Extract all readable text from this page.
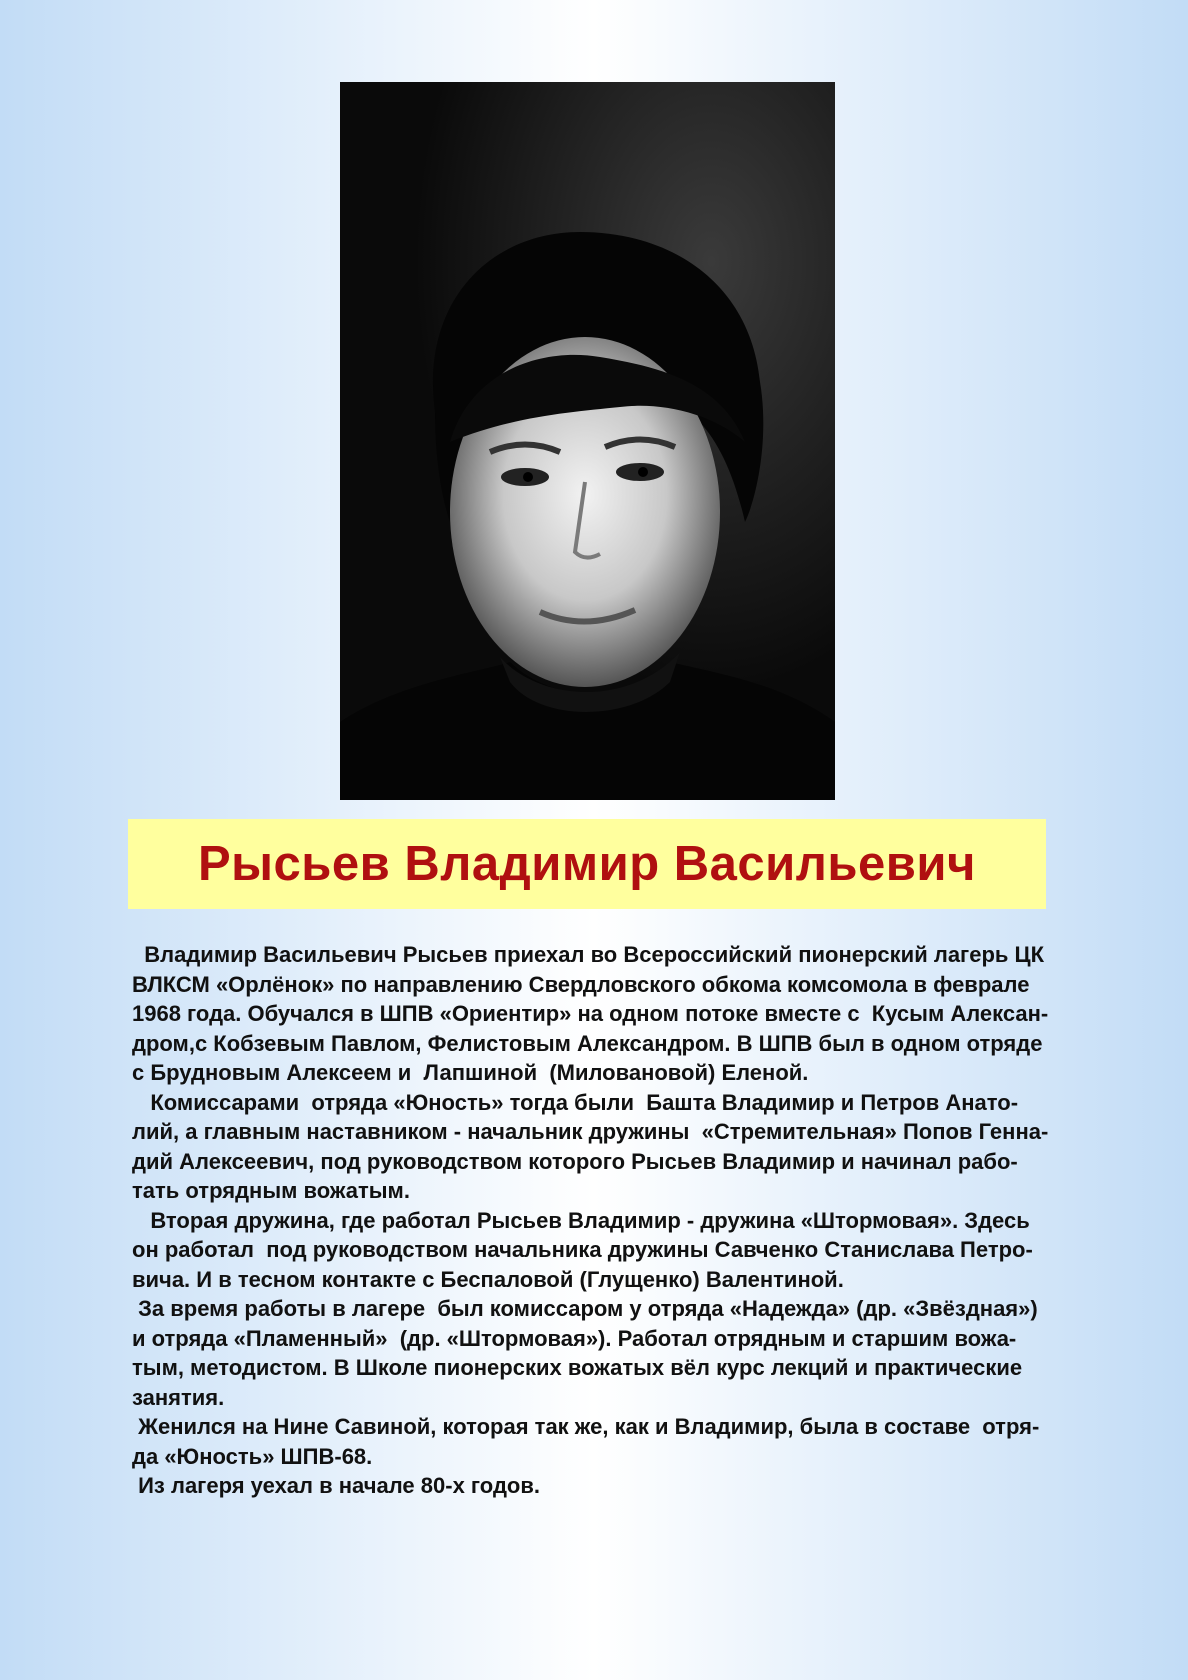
Рысьев Владимир Васильевич

Владимир Васильевич Рысьев приехал во Всероссийский пионерский лагерь ЦК

ВЛКСМ «Орлёнок» по направлению Свердловского обкома комсомола в феврале

1968 года. Обучался в ШПВ «Ориентир» на одном потоке вместе с  Кусым Алексан-

дром,с Кобзевым Павлом, Фелистовым Александром. В ШПВ был в одном отряде

с Брудновым Алексеем и  Лапшиной  (Миловановой) Еленой.

Комиссарами  отряда «Юность» тогда были  Башта Владимир и Петров Анато-

лий, а главным наставником - начальник дружины  «Стремительная» Попов Генна-

дий Алексеевич, под руководством которого Рысьев Владимир и начинал рабо-

тать отрядным вожатым.

Вторая дружина, где работал Рысьев Владимир - дружина «Штормовая». Здесь

он работал  под руководством начальника дружины Савченко Станислава Петро-

вича. И в тесном контакте с Беспаловой (Глущенко) Валентиной.

За время работы в лагере  был комиссаром у отряда «Надежда» (др. «Звёздная»)

и отряда «Пламенный»  (др. «Штормовая»). Работал отрядным и старшим вожа-

тым, методистом. В Школе пионерских вожатых вёл курс лекций и практические

занятия.

Женился на Нине Савиной, которая так же, как и Владимир, была в составе  отря-

да «Юность» ШПВ-68.

Из лагеря уехал в начале 80-х годов.
